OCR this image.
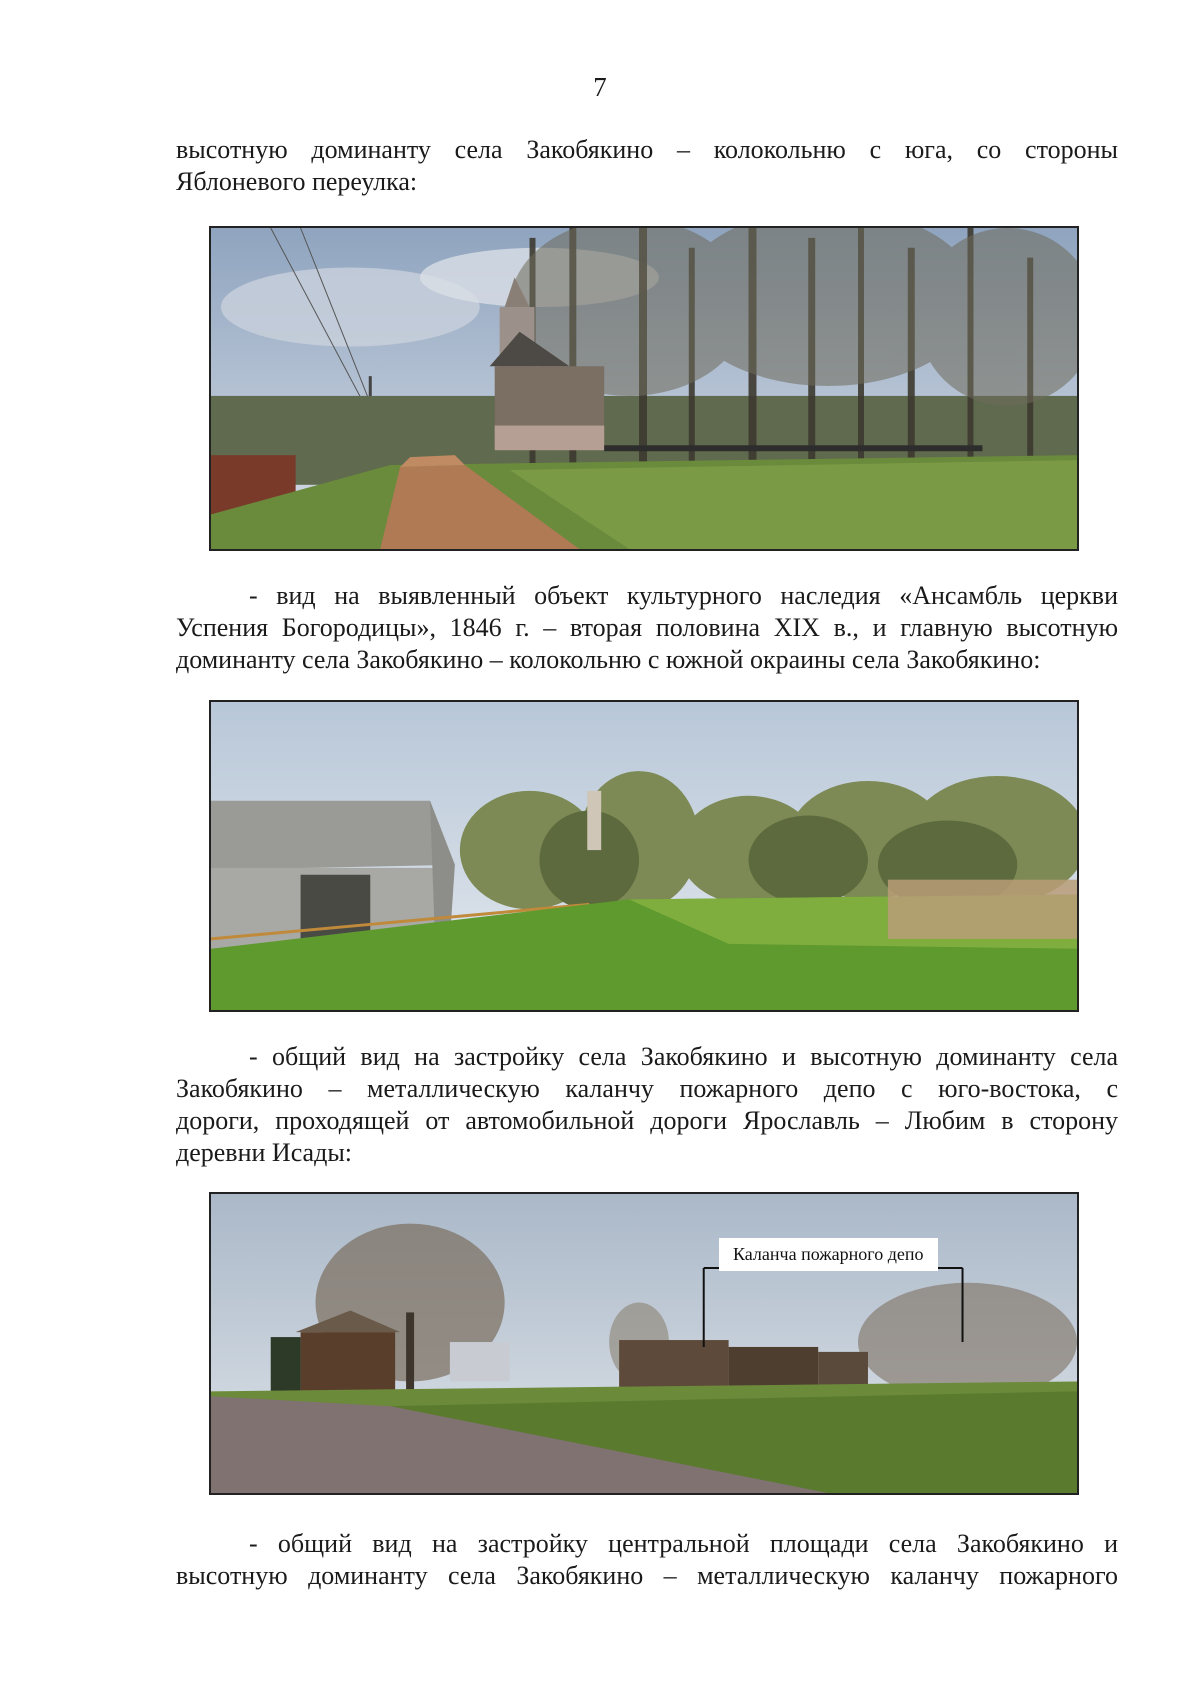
7

высотную доминанту села Закобякино – колокольню с юга, со стороны
Яблоневого переулка:

- вид на выявленный объект культурного наследия «Ансамбль церкви
Успения Богородицы», 1846 г. – вторая половина XIX в., и главную высотную
доминанту села Закобякино – колокольню с южной окраины села Закобякино:

- общий вид на застройку села Закобякино и высотную доминанту села
Закобякино – металлическую каланчу пожарного депо с юго-востока, с
дороги, проходящей от автомобильной дороги Ярославль – Любим в сторону
деревни Исады:

Каланча пожарного депо

- общий вид на застройку центральной площади села Закобякино и
высотную доминанту села Закобякино – металлическую каланчу пожарного
